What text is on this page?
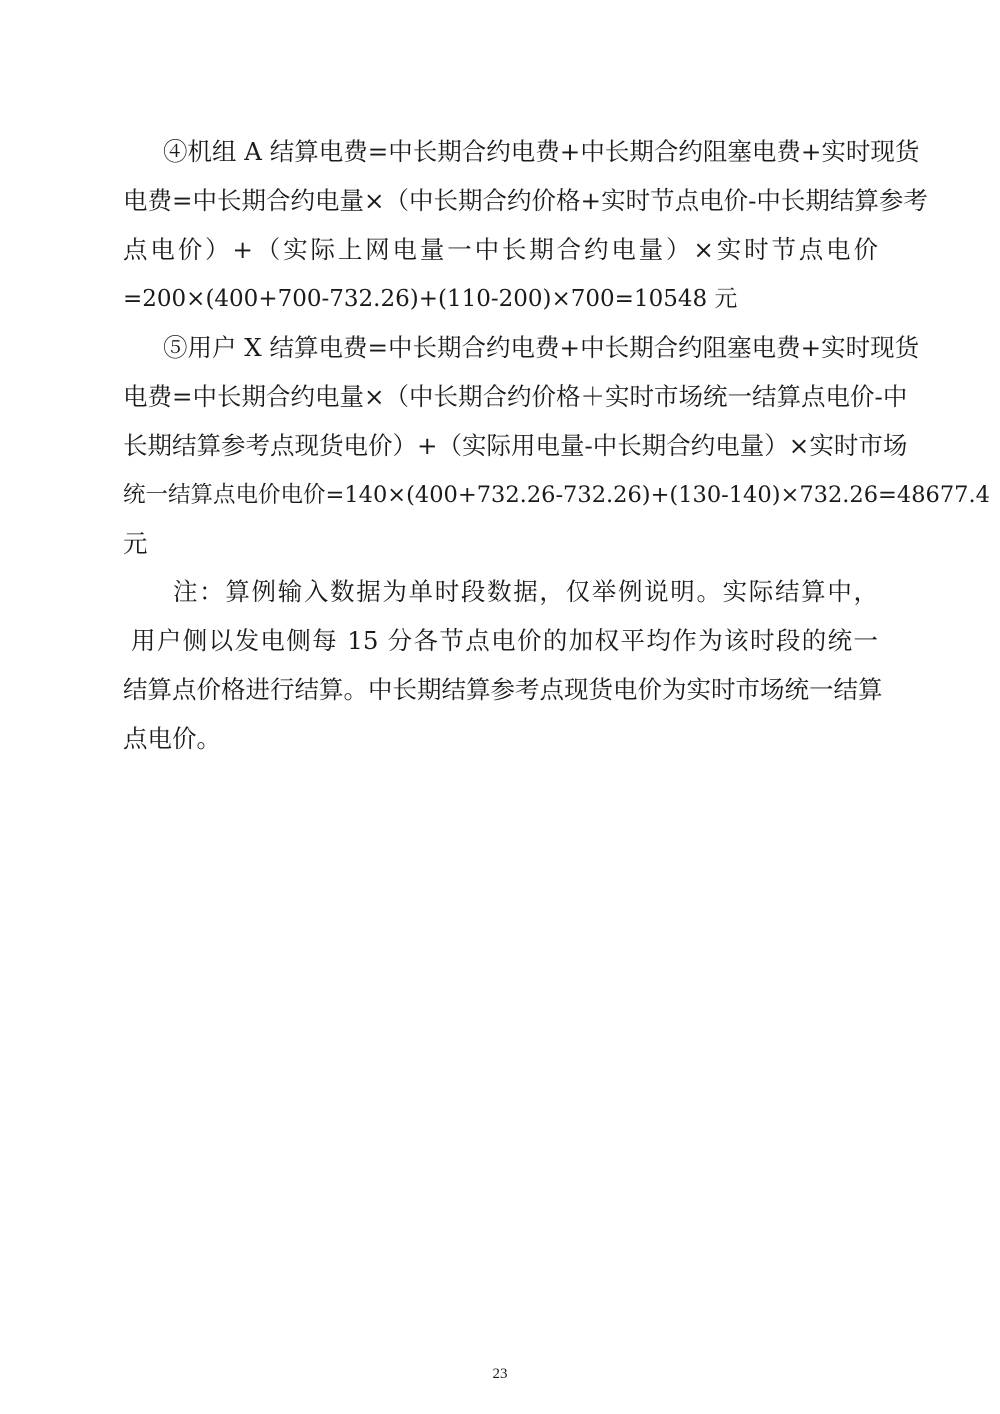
④机组 A 结算电费=中长期合约电费+中长期合约阻塞电费+实时现货
电费=中长期合约电量×（中长期合约价格+实时节点电价-中长期结算参考
点电价）+（实际上网电量一中长期合约电量）×实时节点电价
=200×(400+700-732.26)+(110-200)×700=10548 元
⑤用户 X 结算电费=中长期合约电费+中长期合约阻塞电费+实时现货
电费=中长期合约电量×（中长期合约价格＋实时市场统一结算点电价-中
长期结算参考点现货电价）+（实际用电量-中长期合约电量）×实时市场
统一结算点电价电价=140×(400+732.26-732.26)+(130-140)×732.26=48677.4
元
注：算例输入数据为单时段数据，仅举例说明。实际结算中，
用户侧以发电侧每 15 分各节点电价的加权平均作为该时段的统一
结算点价格进行结算。中长期结算参考点现货电价为实时市场统一结算
点电价。
23
